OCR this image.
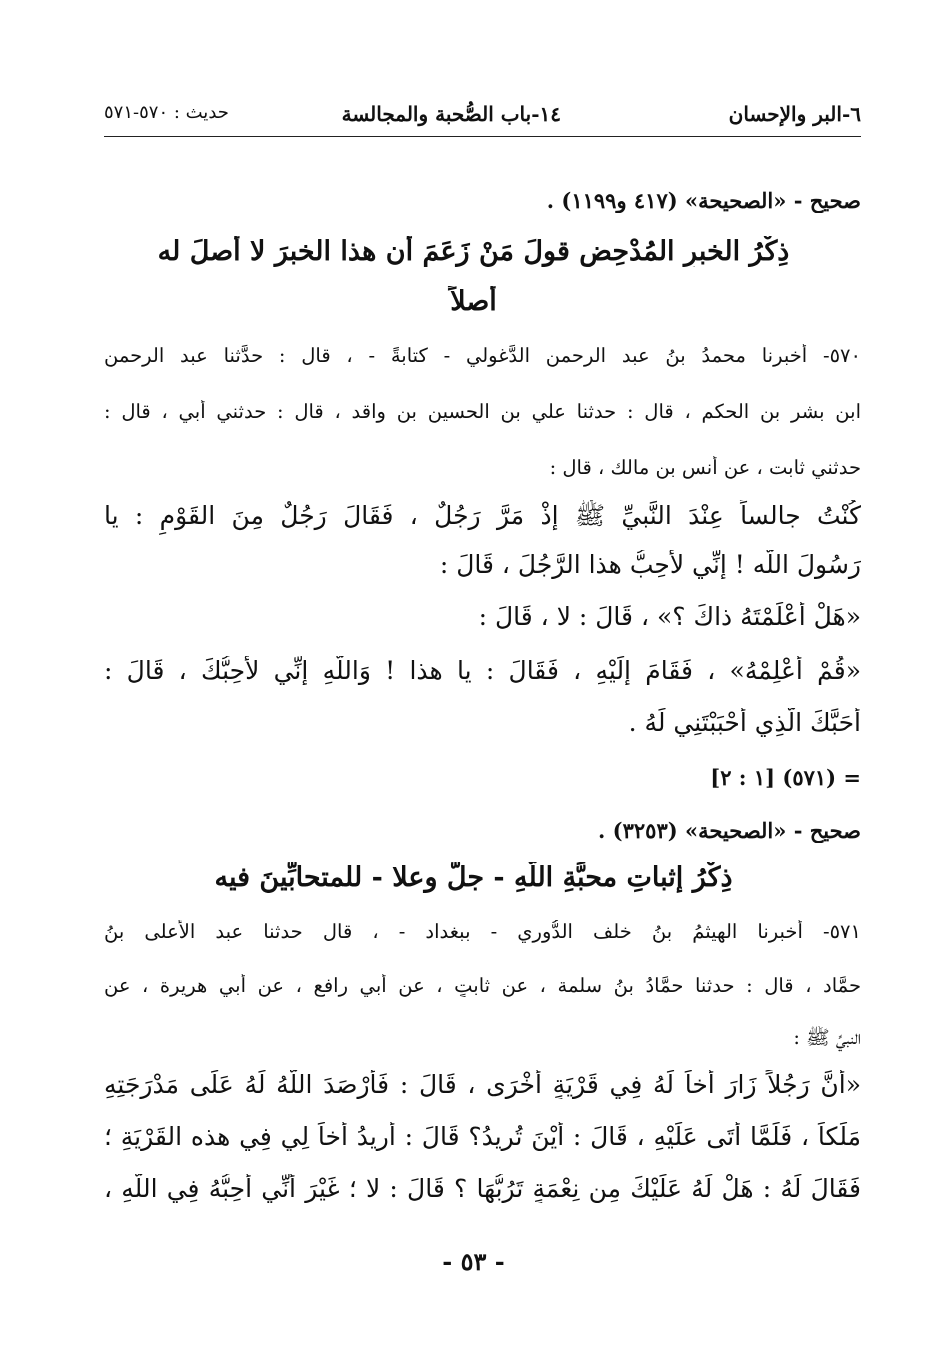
٦-البر والإحسان
١٤-باب الصُّحبة والمجالسة
حديث : ٥٧٠-٥٧١
صحيح - «الصحيحة» (٤١٧ و١١٩٩) .
ذِكْرُ الخبرِ المُدْحِضِ قولَ مَنْ زَعَمَ أن هذا الخبرَ لا أصلَ له
أصلاً
٥٧٠- أخبرنا محمدُ بنُ عبد الرحمن الدَّغولي - كتابةً - ، قال : حدَّثنا عبد الرحمن
ابن بشر بن الحكم ، قال : حدثنا علي بن الحسين بن واقد ، قال : حدثني أبي ، قال :
حدثني ثابت ، عن أنس بن مالك ، قال :
كُنْتُ جالساً عِنْدَ النَّبيِّ ﷺ إذْ مَرَّ رَجُلٌ ، فَقَالَ رَجُلٌ مِنَ القَوْمِ : يا
رَسُولَ اللَّه ! إنِّي لأحِبُّ هذا الرَّجُلَ ، قَالَ :
«هَلْ أَعْلَمْتَهُ ذاكَ ؟» ، قَالَ : لا ، قَالَ :
«قُمْ أَعْلِمْهُ» ، فَقَامَ إِلَيْهِ ، فَقَالَ : يا هذا ! وَاللَّهِ إنِّي لأحِبُّكَ ، قَالَ :
أَحَبَّكَ الَّذِي أَحْبَبْتَنِي لَهُ .
= (٥٧١) [١ : ٢]
صحيح - «الصحيحة» (٣٢٥٣) .
ذِكْرُ إثباتِ محبَّةِ اللَّهِ - جلَّ وعلا - للمتحابِّينَ فيه
٥٧١- أخبرنا الهيثمُ بنُ خلف الدُّوري - ببغداد - ، قال حدثنا عبد الأعلى بنُ
حمَّاد ، قال : حدثنا حمَّادُ بنُ سلمة ، عن ثابتٍ ، عن أبي رافع ، عن أبي هريرة ، عن
النبيِّ ﷺ :
«أَنَّ رَجُلاً زَارَ أخاً لَهُ فِي قَرْيَةٍ أُخْرَى ، قَالَ : فَأَرْصَدَ اللَّهُ لَهُ عَلَى مَدْرَجَتِهِ
مَلَكاً ، فَلَمَّا أَتَى عَلَيْهِ ، قَالَ : أَيْنَ تُرِيدُ؟ قَالَ : أُرِيدُ أَخاً لِي فِي هذه القَرْيَةِ ؛
فَقَالَ لَهُ : هَلْ لَهُ عَلَيْكَ مِن نِعْمَةٍ تَرُبُّهَا ؟ قَالَ : لا ؛ غَيْرَ أَنِّي أُحِبُّهُ فِي اللَّهِ ،
- ٥٣ -
